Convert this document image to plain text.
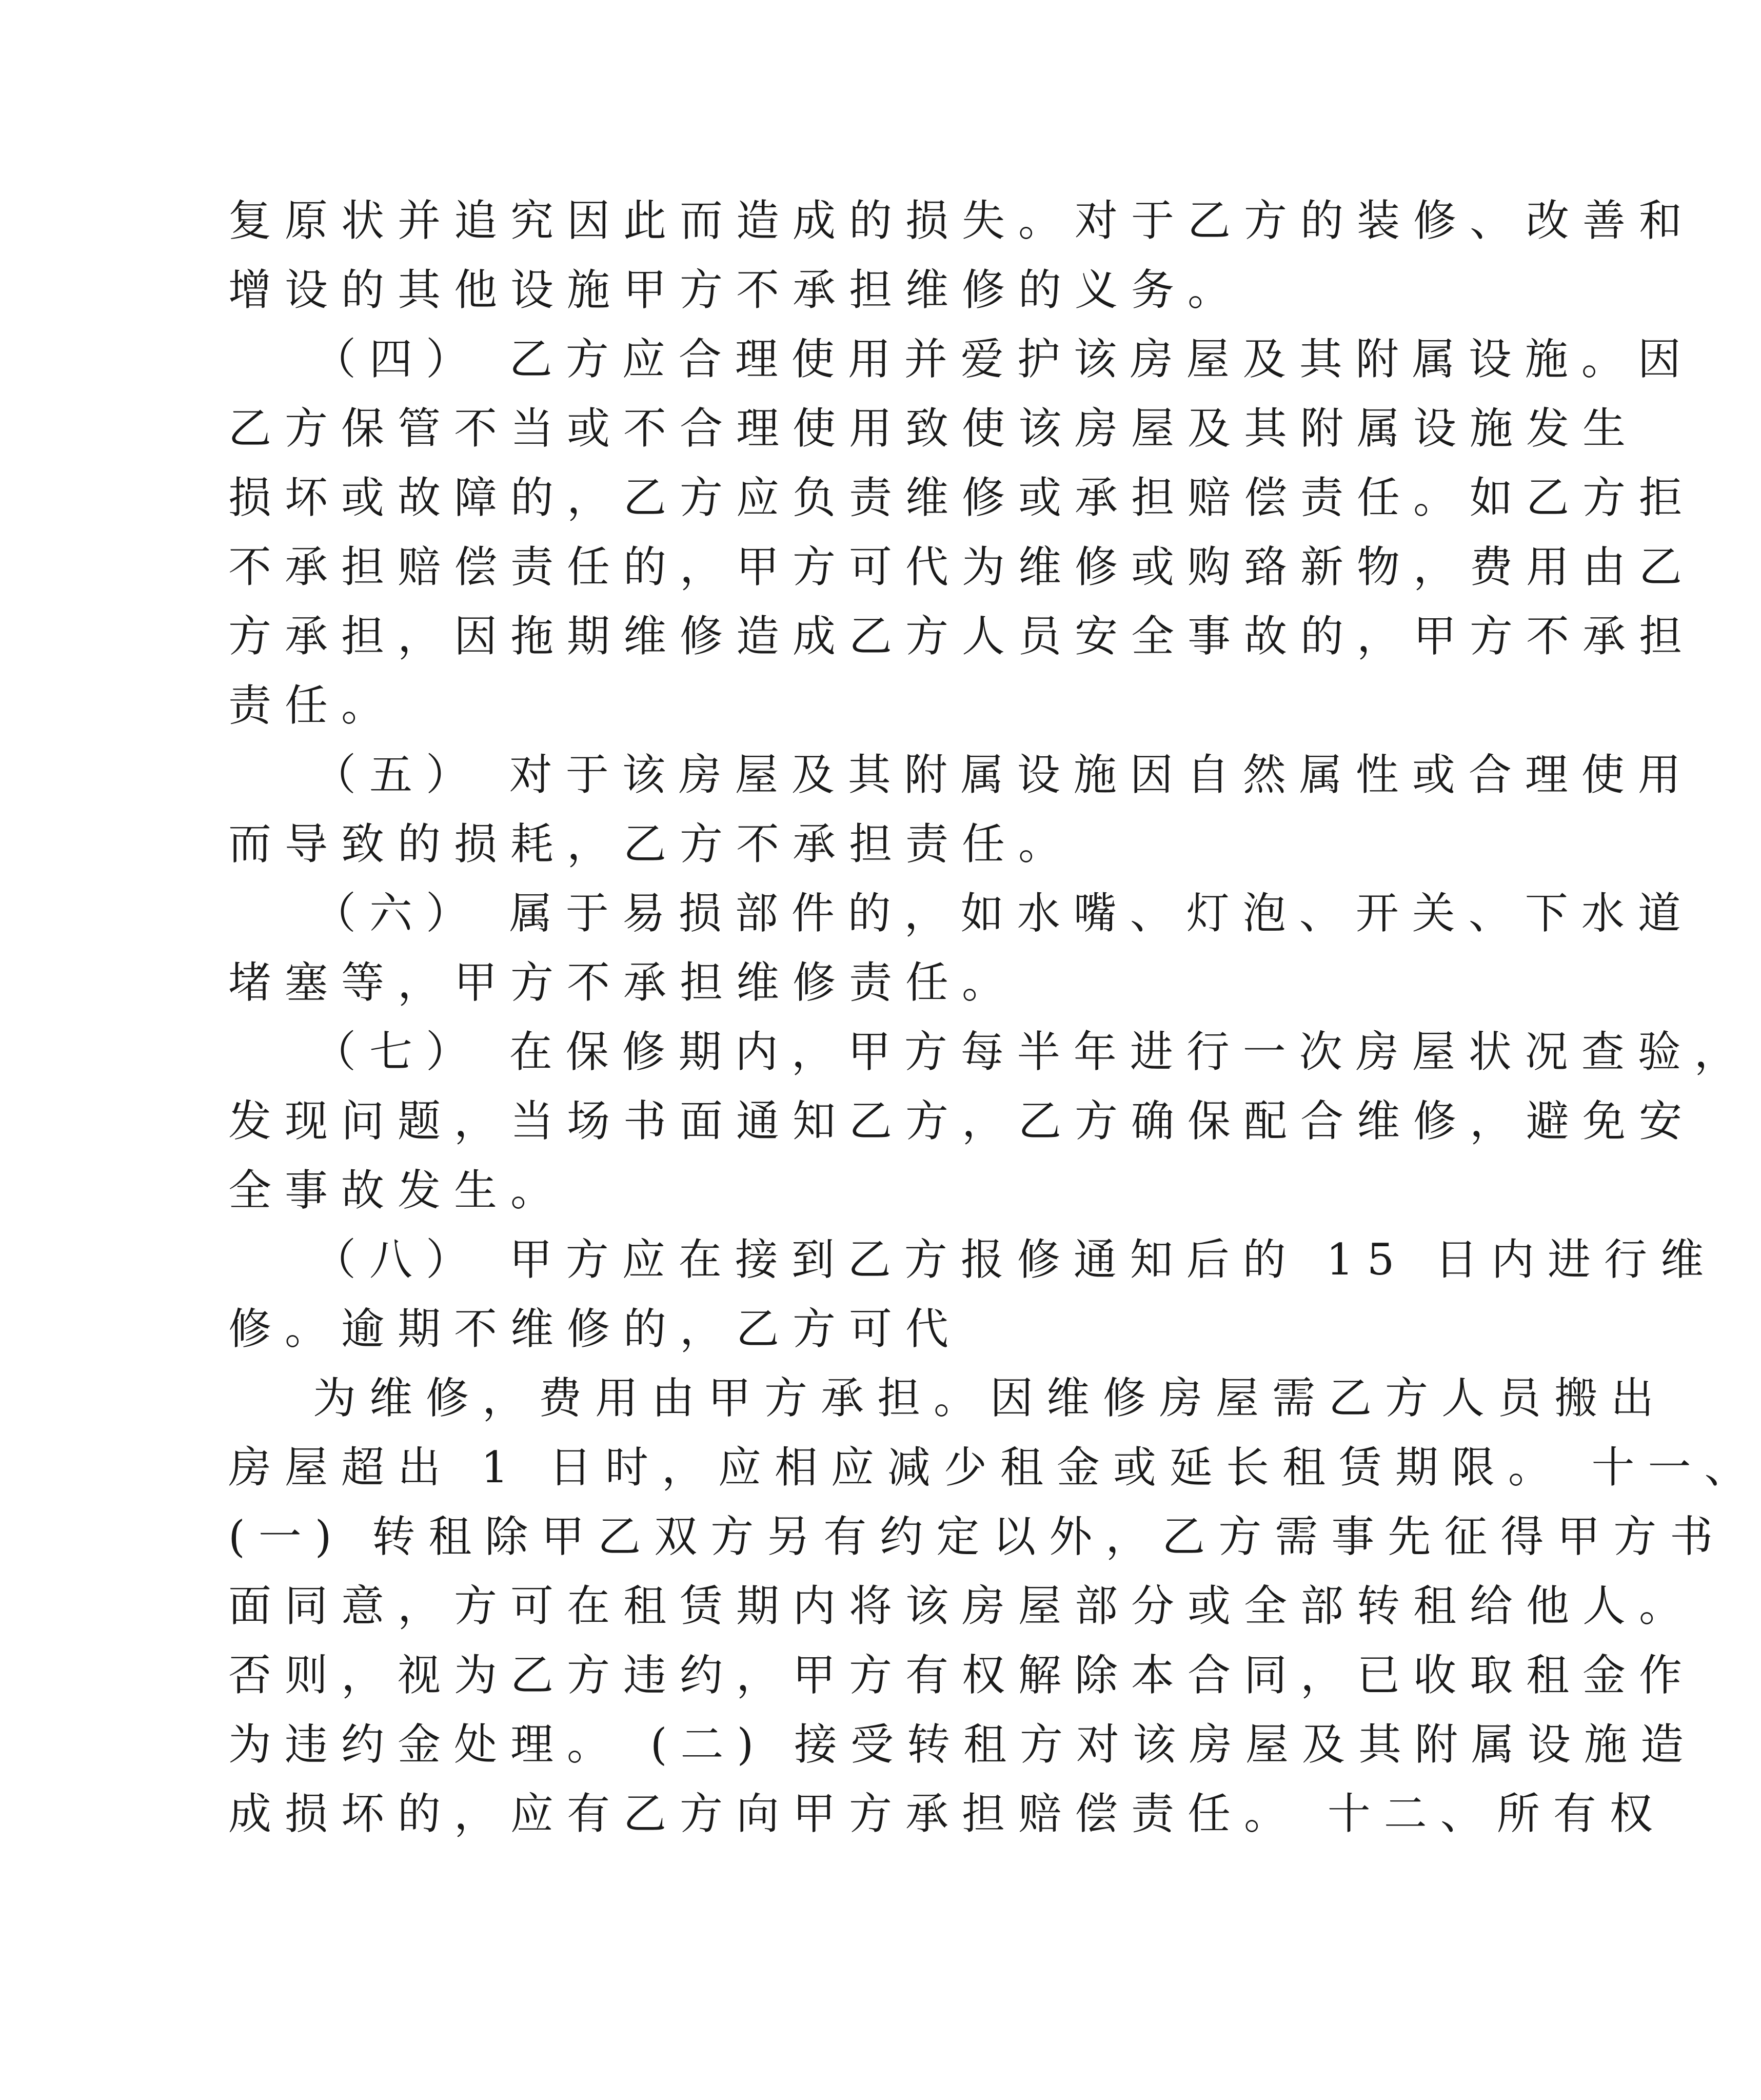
复原状并追究因此而造成的损失。对于乙方的装修、改善和
增设的其他设施甲方不承担维修的义务。
（四） 乙方应合理使用并爱护该房屋及其附属设施。因
乙方保管不当或不合理使用致使该房屋及其附属设施发生
损坏或故障的，乙方应负责维修或承担赔偿责任。如乙方拒
不承担赔偿责任的，甲方可代为维修或购臵新物，费用由乙
方承担，因拖期维修造成乙方人员安全事故的，甲方不承担
责任。
（五） 对于该房屋及其附属设施因自然属性或合理使用
而导致的损耗，乙方不承担责任。
（六） 属于易损部件的，如水嘴、灯泡、开关、下水道
堵塞等，甲方不承担维修责任。
（七） 在保修期内，甲方每半年进行一次房屋状况查验，
发现问题，当场书面通知乙方，乙方确保配合维修，避免安
全事故发生。
（八） 甲方应在接到乙方报修通知后的 15 日内进行维
修。逾期不维修的，乙方可代
为维修，费用由甲方承担。因维修房屋需乙方人员搬出
房屋超出 1 日时，应相应减少租金或延长租赁期限。 十一、
(一) 转租除甲乙双方另有约定以外，乙方需事先征得甲方书
面同意，方可在租赁期内将该房屋部分或全部转租给他人。
否则，视为乙方违约，甲方有权解除本合同，已收取租金作
为违约金处理。 (二) 接受转租方对该房屋及其附属设施造
成损坏的，应有乙方向甲方承担赔偿责任。 十二、所有权
